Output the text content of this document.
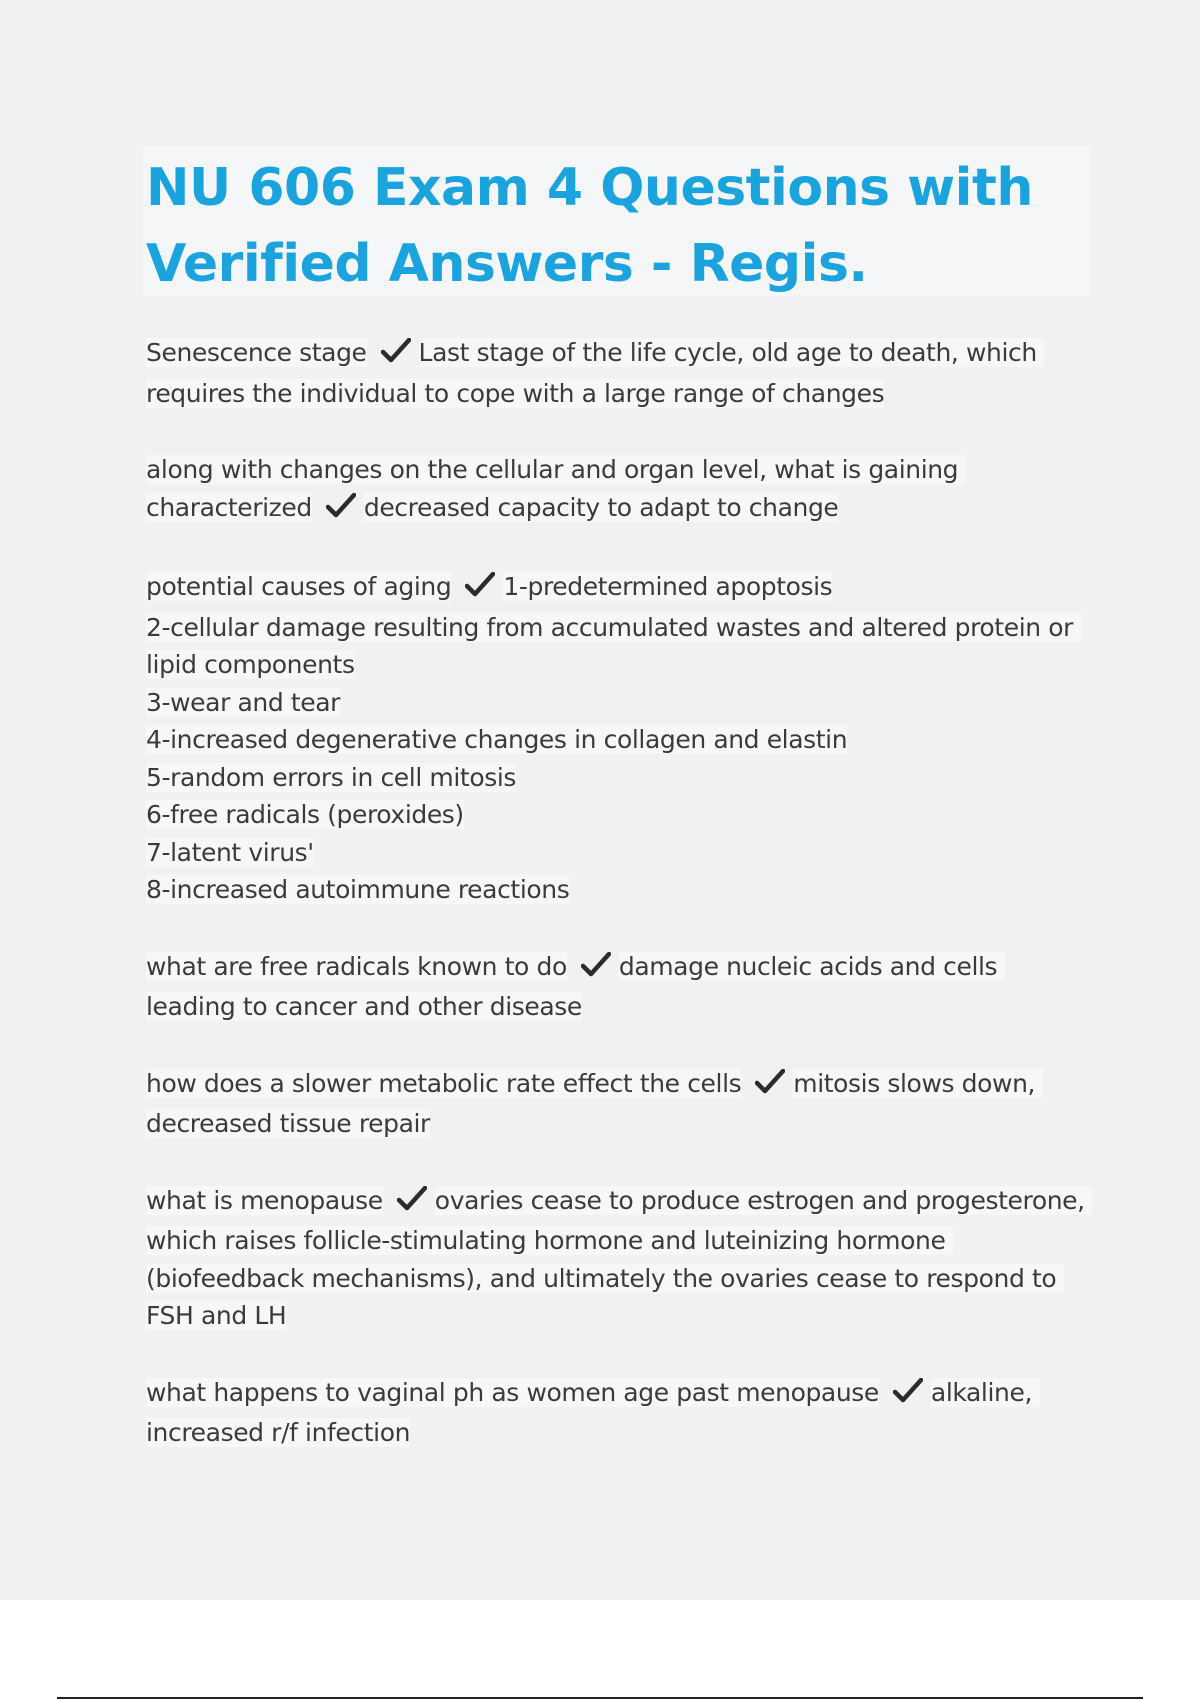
NU 606 Exam 4 Questions with Verified Answers - Regis.

Senescence stage Last stage of the life cycle, old age to death, which requires the individual to cope with a large range of changes

along with changes on the cellular and organ level, what is gaining characterized decreased capacity to adapt to change

potential causes of aging 1-predetermined apoptosis
2-cellular damage resulting from accumulated wastes and altered protein or lipid components
3-wear and tear
4-increased degenerative changes in collagen and elastin
5-random errors in cell mitosis
6-free radicals (peroxides)
7-latent virus'
8-increased autoimmune reactions

what are free radicals known to do damage nucleic acids and cells leading to cancer and other disease

how does a slower metabolic rate effect the cells mitosis slows down, decreased tissue repair

what is menopause ovaries cease to produce estrogen and progesterone, which raises follicle-stimulating hormone and luteinizing hormone (biofeedback mechanisms), and ultimately the ovaries cease to respond to FSH and LH

what happens to vaginal ph as women age past menopause alkaline, increased r/f infection
